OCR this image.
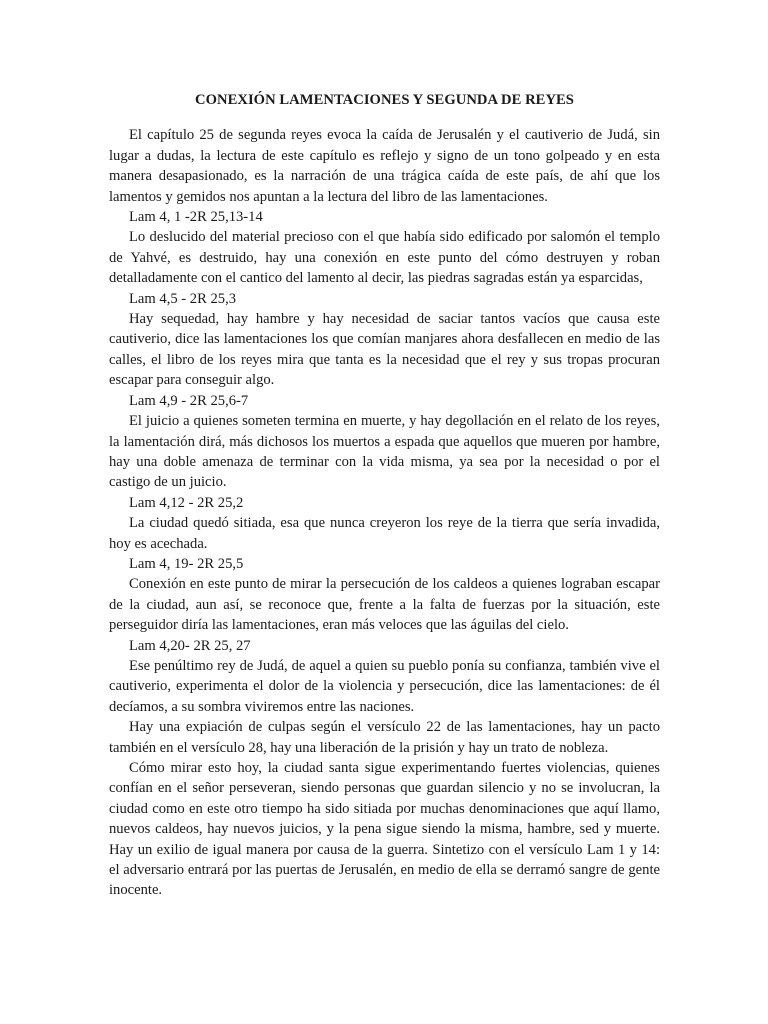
CONEXIÓN LAMENTACIONES Y SEGUNDA DE REYES

El capítulo 25 de segunda reyes evoca la caída de Jerusalén y el cautiverio de Judá, sin lugar a dudas, la lectura de este capítulo es reflejo y signo de un tono golpeado y en esta manera desapasionado, es la narración de una trágica caída de este país, de ahí que los lamentos y gemidos nos apuntan a la lectura del libro de las lamentaciones.

Lam 4, 1 -2R 25,13-14

Lo deslucido del material precioso con el que había sido edificado por salomón el templo de Yahvé, es destruido, hay una conexión en este punto del cómo destruyen y roban detalladamente con el cantico del lamento al decir, las piedras sagradas están ya esparcidas,

Lam 4,5 - 2R 25,3

Hay sequedad, hay hambre y hay necesidad de saciar tantos vacíos que causa este cautiverio, dice las lamentaciones los que comían manjares ahora desfallecen en medio de las calles, el libro de los reyes mira que tanta es la necesidad que el rey y sus tropas procuran escapar para conseguir algo.

Lam 4,9 - 2R 25,6-7

El juicio a quienes someten termina en muerte, y hay degollación en el relato de los reyes, la lamentación dirá, más dichosos los muertos a espada que aquellos que mueren por hambre, hay una doble amenaza de terminar con la vida misma, ya sea por la necesidad o por el castigo de un juicio.

Lam 4,12 - 2R 25,2

La ciudad quedó sitiada, esa que nunca creyeron los reye de la tierra que sería invadida, hoy es acechada.

Lam 4, 19- 2R 25,5

Conexión en este punto de mirar la persecución de los caldeos a quienes lograban escapar de la ciudad, aun así, se reconoce que, frente a la falta de fuerzas por la situación, este perseguidor diría las lamentaciones, eran más veloces que las águilas del cielo.

Lam 4,20- 2R 25, 27

Ese penúltimo rey de Judá, de aquel a quien su pueblo ponía su confianza, también vive el cautiverio, experimenta el dolor de la violencia y persecución, dice las lamentaciones: de él decíamos, a su sombra viviremos entre las naciones.

Hay una expiación de culpas según el versículo 22 de las lamentaciones, hay un pacto también en el versículo 28, hay una liberación de la prisión y hay un trato de nobleza.

Cómo mirar esto hoy, la ciudad santa sigue experimentando fuertes violencias, quienes confían en el señor perseveran, siendo personas que guardan silencio y no se involucran, la ciudad como en este otro tiempo ha sido sitiada por muchas denominaciones que aquí llamo, nuevos caldeos, hay nuevos juicios, y la pena sigue siendo la misma, hambre, sed y muerte. Hay un exilio de igual manera por causa de la guerra. Sintetizo con el versículo Lam 1 y 14: el adversario entrará por las puertas de Jerusalén, en medio de ella se derramó sangre de gente inocente.
